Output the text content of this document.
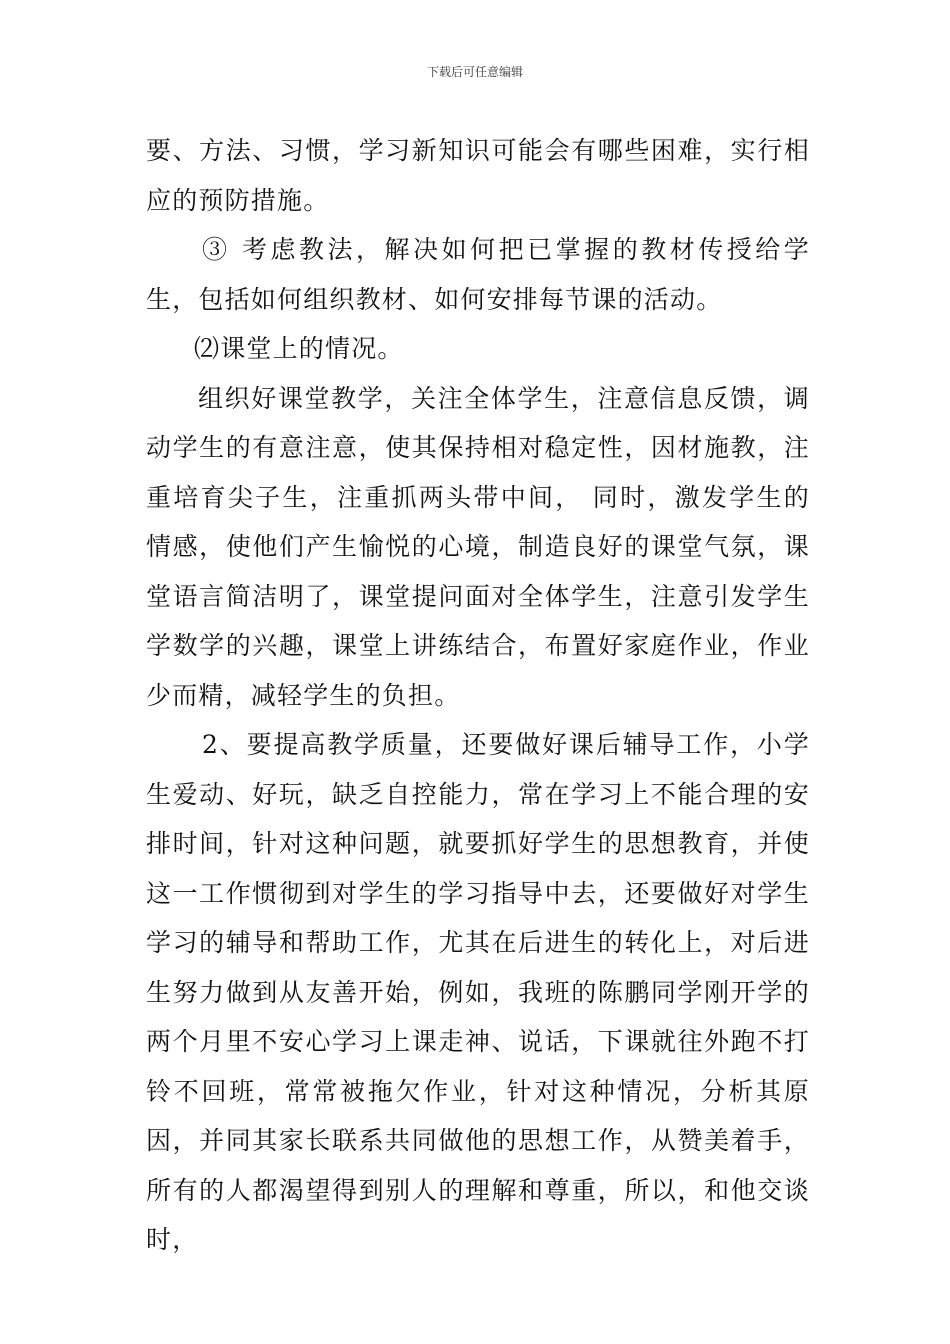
下载后可任意编辑

要、方法、习惯，学习新知识可能会有哪些困难，实行相应的预防措施。

③ 考虑教法，解决如何把已掌握的教材传授给学生，包括如何组织教材、如何安排每节课的活动。

⑵课堂上的情况。

组织好课堂教学，关注全体学生，注意信息反馈，调动学生的有意注意，使其保持相对稳定性，因材施教，注重培育尖子生，注重抓两头带中间， 同时，激发学生的情感，使他们产生愉悦的心境，制造良好的课堂气氛，课堂语言简洁明了，课堂提问面对全体学生，注意引发学生学数学的兴趣，课堂上讲练结合，布置好家庭作业，作业少而精，减轻学生的负担。

2、要提高教学质量，还要做好课后辅导工作，小学生爱动、好玩，缺乏自控能力，常在学习上不能合理的安排时间，针对这种问题，就要抓好学生的思想教育，并使这一工作惯彻到对学生的学习指导中去，还要做好对学生学习的辅导和帮助工作，尤其在后进生的转化上，对后进生努力做到从友善开始，例如，我班的陈鹏同学刚开学的两个月里不安心学习上课走神、说话，下课就往外跑不打铃不回班，常常被拖欠作业，针对这种情况，分析其原因，并同其家长联系共同做他的思想工作，从赞美着手，所有的人都渴望得到别人的理解和尊重，所以，和他交谈时，
